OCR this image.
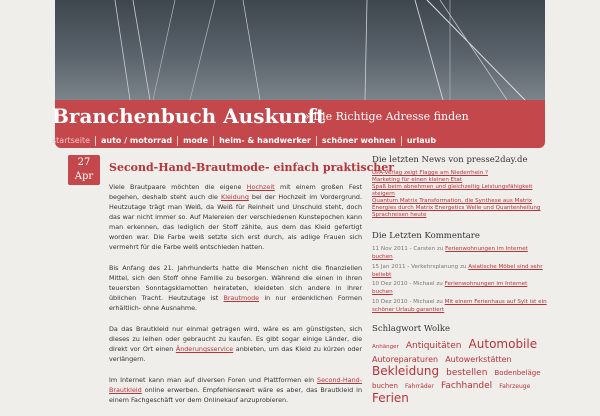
Branchenbuch Auskunft
» Die Richtige Adresse finden
startseite	auto / motorrad	mode	heim- & handwerker	schöner wohnen	urlaub
27
Apr
Second-Hand-Brautmode- einfach praktischer

Viele Brautpaare möchten die eigene Hochzeit mit einem großen Fest begehen, deshalb steht auch die Kleidung bei der Hochzeit im Vordergrund. Heutzutage trägt man Weiß, da Weiß für Reinheit und Unschuld steht, doch das war nicht immer so. Auf Malereien der verschiedenen Kunstepochen kann man erkennen, das lediglich der Stoff zählte, aus dem das Kleid gefertigt worden war. Die Farbe weiß setzte sich erst durch, als adlige Frauen sich vermehrt für die Farbe weiß entschieden hatten.

Bis Anfang des 21. Jahrhunderts hatte die Menschen nicht die finanziellen Mittel, sich den Stoff ohne Familie zu besorgen. Während die einen in ihren teuersten Sonntagsklamotten heirateten, kleideten sich andere in ihrer üblichen Tracht. Heutzutage ist Brautmode in nur erdenklichen Formen erhältlich- ohne Ausnahme.

Da das Brautkleid nur einmal getragen wird, wäre es am günstigsten, sich dieses zu leihen oder gebraucht zu kaufen. Es gibt sogar einige Länder, die direkt vor Ort einen Änderungsservice anbieten, um das Kleid zu kürzen oder verlängern.

Im Internet kann man auf diversen Foren und Plattformen ein Second-Hand-Brautkleid online erwerben. Empfehlenswert wäre es aber, das Brautkleid in einem Fachgeschäft vor dem Onlinekauf anzuprobieren.

Die letzten News von presse2day.de
UPA-Verlag zeigt Flagge am Niederrhein ?
Marketing für einen kleinen Etat
Spaß beim abnehmen und gleichzeitig Leistungsfähigkeit steigern
Quantum Matrix Transformation, die Synthese aus Matrix Energies durch Matrix Energetics Welle und Quantenheilung
Sprachreisen heute
Die Letzten Kommentare
11 Nov 2011 - Carsten zu Ferienwohnungen im Internet buchen
15 Jan 2011 - Verkehrsplanung zu Asiatische Möbel sind sehr beliebt
10 Dez 2010 - Michael zu Ferienwohnungen im Internet buchen
10 Dez 2010 - Michael zu Mit einem Ferienhaus auf Sylt ist ein schöner Urlaub garantiert
Schlagwort Wolke
Anhänger Antiquitäten Automobile Autoreparaturen Autowerkstätten Bekleidung bestellen Bodenbeläge buchen Fahrräder Fachhandel Fahrzeuge Ferien
